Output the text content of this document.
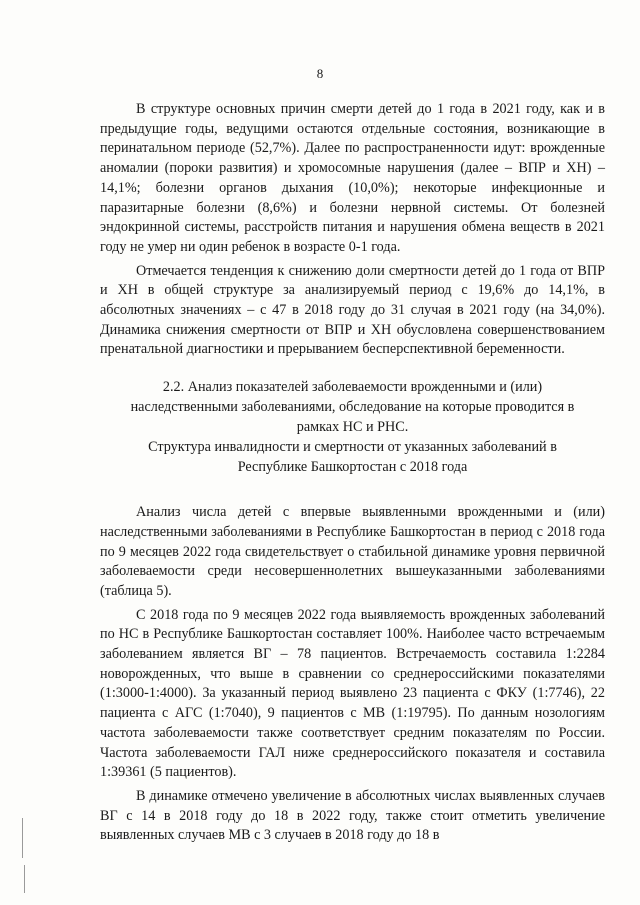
8

В структуре основных причин смерти детей до 1 года в 2021 году, как и в предыдущие годы, ведущими остаются отдельные состояния, возникающие в перинатальном периоде (52,7%). Далее по распространенности идут: врожденные аномалии (пороки развития) и хромосомные нарушения (далее – ВПР и ХН) – 14,1%; болезни органов дыхания (10,0%); некоторые инфекционные и паразитарные болезни (8,6%) и болезни нервной системы. От болезней эндокринной системы, расстройств питания и нарушения обмена веществ в 2021 году не умер ни один ребенок в возрасте 0-1 года.

Отмечается тенденция к снижению доли смертности детей до 1 года от ВПР и ХН в общей структуре за анализируемый период с 19,6% до 14,1%, в абсолютных значениях – с 47 в 2018 году до 31 случая в 2021 году (на 34,0%). Динамика снижения смертности от ВПР и ХН обусловлена совершенствованием пренатальной диагностики и прерыванием бесперспективной беременности.

2.2. Анализ показателей заболеваемости врожденными и (или)

наследственными заболеваниями, обследование на которые проводится в

рамках НС и РНС.

Структура инвалидности и смертности от указанных заболеваний в

Республике Башкортостан с 2018 года

Анализ числа детей с впервые выявленными врожденными и (или) наследственными заболеваниями в Республике Башкортостан в период с 2018 года по 9 месяцев 2022 года свидетельствует о стабильной динамике уровня первичной заболеваемости среди несовершеннолетних вышеуказанными заболеваниями (таблица 5).

С 2018 года по 9 месяцев 2022 года выявляемость врожденных заболеваний по НС в Республике Башкортостан составляет 100%. Наиболее часто встречаемым заболеванием является ВГ – 78 пациентов. Встречаемость составила 1:2284 новорожденных, что выше в сравнении со среднероссийскими показателями (1:3000-1:4000). За указанный период выявлено 23 пациента с ФКУ (1:7746), 22 пациента с АГС (1:7040), 9 пациентов с МВ (1:19795). По данным нозологиям частота заболеваемости также соответствует средним показателям по России. Частота заболеваемости ГАЛ ниже среднероссийского показателя и составила 1:39361 (5 пациентов).

В динамике отмечено увеличение в абсолютных числах выявленных случаев ВГ с 14 в 2018 году до 18 в 2022 году, также стоит отметить увеличение выявленных случаев МВ с 3 случаев в 2018 году до 18 в
